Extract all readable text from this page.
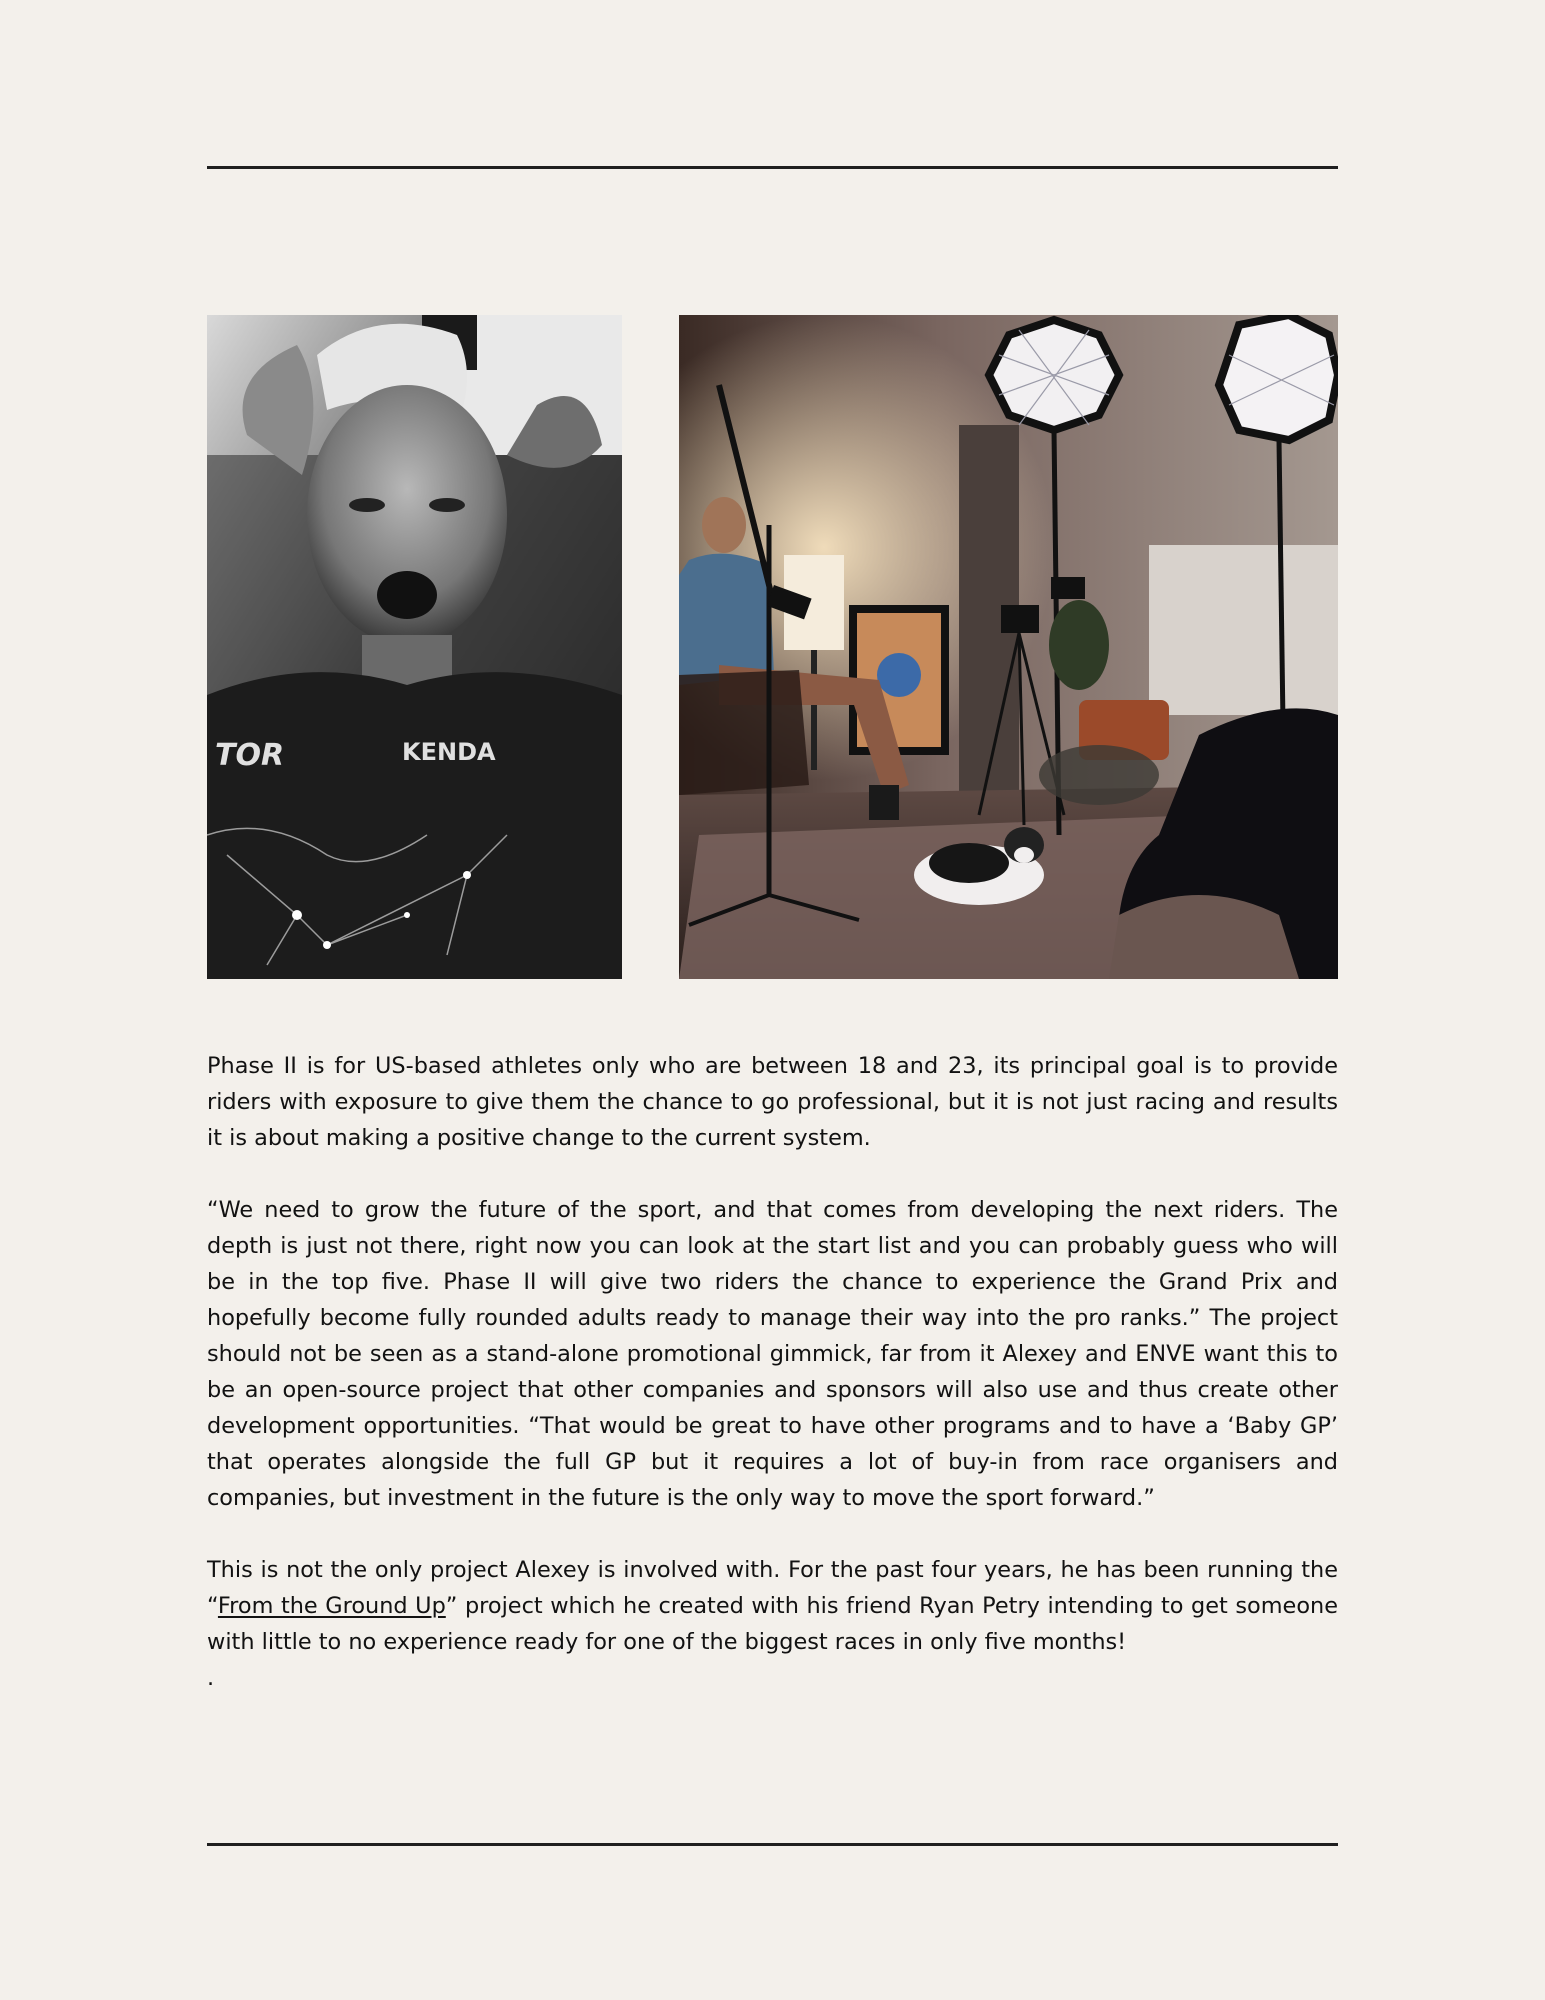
TOR	KENDA

Phase II is for US-based athletes only who are between 18 and 23, its principal goal is to provide riders with exposure to give them the chance to go professional, but it is not just racing and results it is about making a positive change to the current system.

“We need to grow the future of the sport, and that comes from developing the next riders. The depth is just not there, right now you can look at the start list and you can probably guess who will be in the top five. Phase II will give two riders the chance to experience the Grand Prix and hopefully become fully rounded adults ready to manage their way into the pro ranks.” The project should not be seen as a stand-alone promotional gimmick, far from it Alexey and ENVE want this to be an open-source project that other companies and sponsors will also use and thus create other development opportunities. “That would be great to have other programs and to have a ‘Baby GP’ that operates alongside the full GP but it requires a lot of buy-in from race organisers and companies, but investment in the future is the only way to move the sport forward.”

This is not the only project Alexey is involved with. For the past four years, he has been running the “From the Ground Up” project which he created with his friend Ryan Petry intending to get someone with little to no experience ready for one of the biggest races in only five months!

.
